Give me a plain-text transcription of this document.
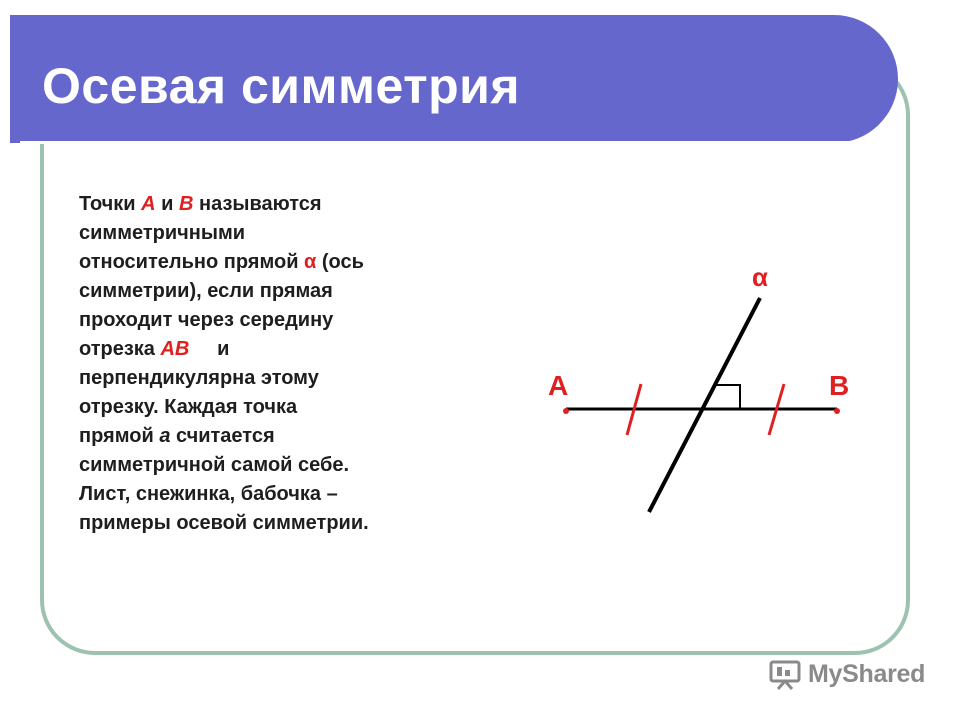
Осевая симметрия

Точки А и В называются
симметричными
относительно прямой α (ось
симметрии), если прямая
проходит через середину
отрезка АВ     и
перпендикулярна этому
отрезку. Каждая точка
прямой а считается
симметричной самой себе.
Лист, снежинка, бабочка –
примеры осевой симметрии.

α
А	В
MyShared
